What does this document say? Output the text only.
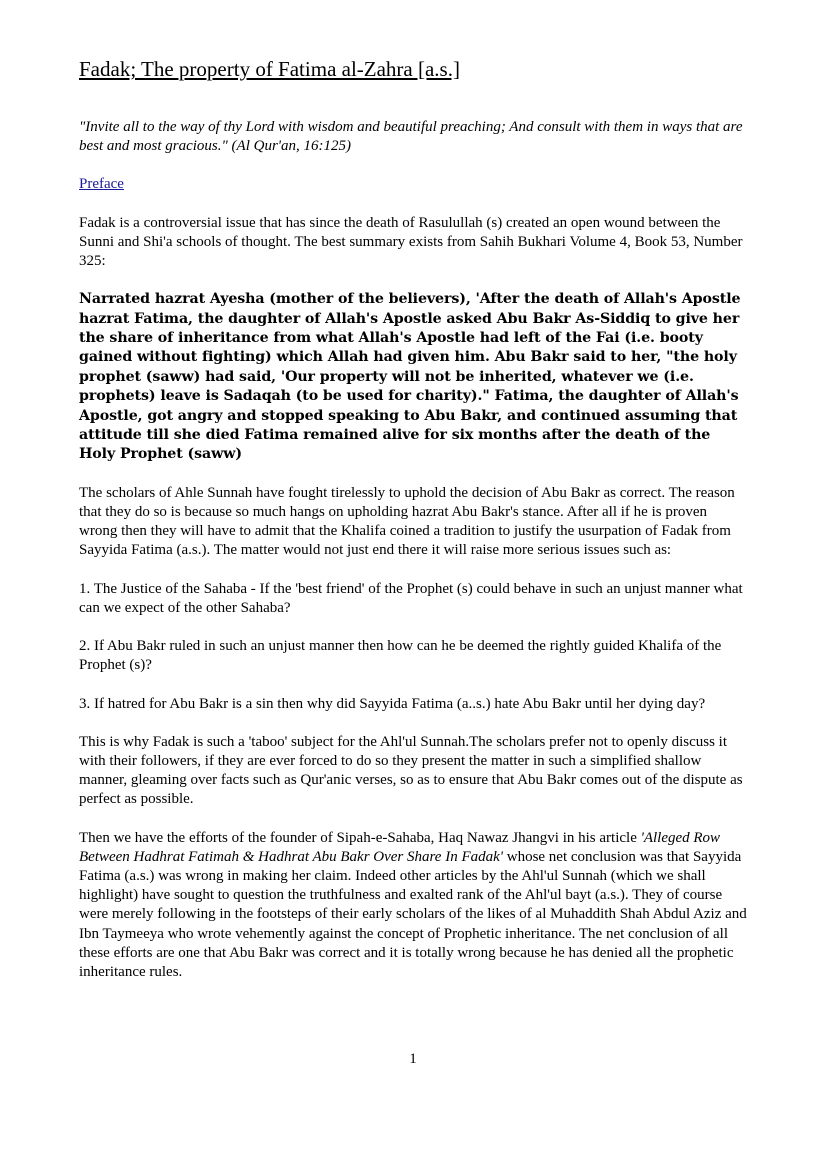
Fadak; The property of Fatima al-Zahra [a.s.]

"Invite all to the way of thy Lord with wisdom and beautiful preaching; And consult with them in ways that are best and most gracious." (Al Qur'an, 16:125)

Preface

Fadak is a controversial issue that has since the death of Rasulullah (s) created an open wound between the Sunni and Shi'a schools of thought. The best summary exists from Sahih Bukhari Volume 4, Book 53, Number 325:

Narrated hazrat Ayesha (mother of the believers), 'After the death of Allah's Apostle hazrat Fatima, the daughter of Allah's Apostle asked Abu Bakr As-Siddiq to give her the share of inheritance from what Allah's Apostle had left of the Fai (i.e. booty gained without fighting) which Allah had given him. Abu Bakr said to her, "the holy prophet (saww) had said, 'Our property will not be inherited, whatever we (i.e. prophets) leave is Sadaqah (to be used for charity)." Fatima, the daughter of Allah's Apostle, got angry and stopped speaking to Abu Bakr, and continued assuming that attitude till she died Fatima remained alive for six months after the death of the Holy Prophet (saww)

The scholars of Ahle Sunnah have fought tirelessly to uphold the decision of Abu Bakr as correct. The reason that they do so is because so much hangs on upholding hazrat Abu Bakr's stance. After all if he is proven wrong then they will have to admit that the Khalifa coined a tradition to justify the usurpation of Fadak from Sayyida Fatima (a.s.). The matter would not just end there it will raise more serious issues such as:

1. The Justice of the Sahaba - If the 'best friend' of the Prophet (s) could behave in such an unjust manner what can we expect of the other Sahaba?

2. If Abu Bakr ruled in such an unjust manner then how can he be deemed the rightly guided Khalifa of the Prophet (s)?

3. If hatred for Abu Bakr is a sin then why did Sayyida Fatima (a..s.) hate Abu Bakr until her dying day?

This is why Fadak is such a 'taboo' subject for the Ahl'ul Sunnah.The scholars prefer not to openly discuss it with their followers, if they are ever forced to do so they present the matter in such a simplified shallow manner, gleaming over facts such as Qur'anic verses, so as to ensure that Abu Bakr comes out of the dispute as perfect as possible.

Then we have the efforts of the founder of Sipah-e-Sahaba, Haq Nawaz Jhangvi in his article 'Alleged Row Between Hadhrat Fatimah & Hadhrat Abu Bakr Over Share In Fadak' whose net conclusion was that Sayyida Fatima (a.s.) was wrong in making her claim. Indeed other articles by the Ahl'ul Sunnah (which we shall highlight) have sought to question the truthfulness and exalted rank of the Ahl'ul bayt (a.s.). They of course were merely following in the footsteps of their early scholars of the likes of al Muhaddith Shah Abdul Aziz and Ibn Taymeeya who wrote vehemently against the concept of Prophetic inheritance. The net conclusion of all these efforts are one that Abu Bakr was correct and it is totally wrong because he has denied all the prophetic inheritance rules.

1
